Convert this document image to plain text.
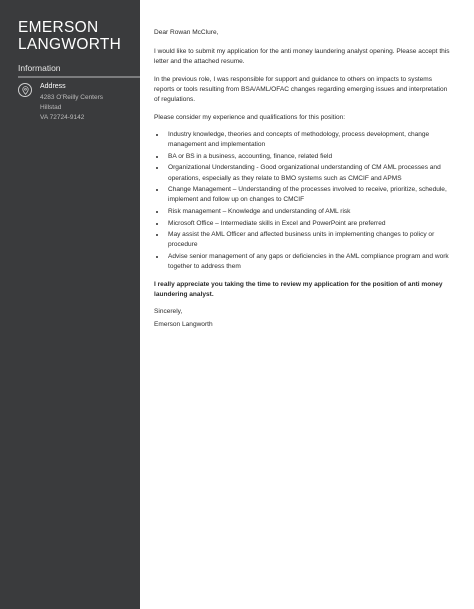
EMERSON
LANGWORTH
Information
Address
4283 O'Reilly Centers
Hillstad
VA 72724-9142

Dear Rowan McClure,

I would like to submit my application for the anti money laundering analyst opening. Please accept this letter and the attached resume.

In the previous role, I was responsible for support and guidance to others on impacts to systems reports or tools resulting from BSA/AML/OFAC changes regarding emerging issues and interpretation of regulations.

Please consider my experience and qualifications for this position:

• Industry knowledge, theories and concepts of methodology, process development, change management and implementation
• BA or BS in a business, accounting, finance, related field
• Organizational Understanding - Good organizational understanding of CM AML processes and operations, especially as they relate to BMO systems such as CMCIF and APMS
• Change Management – Understanding of the processes involved to receive, prioritize, schedule, implement and follow up on changes to CMCIF
• Risk management – Knowledge and understanding of AML risk
• Microsoft Office – Intermediate skills in Excel and PowerPoint are preferred
• May assist the AML Officer and affected business units in implementing changes to policy or procedure
• Advise senior management of any gaps or deficiencies in the AML compliance program and work together to address them

I really appreciate you taking the time to review my application for the position of anti money laundering analyst.

Sincerely,

Emerson Langworth
